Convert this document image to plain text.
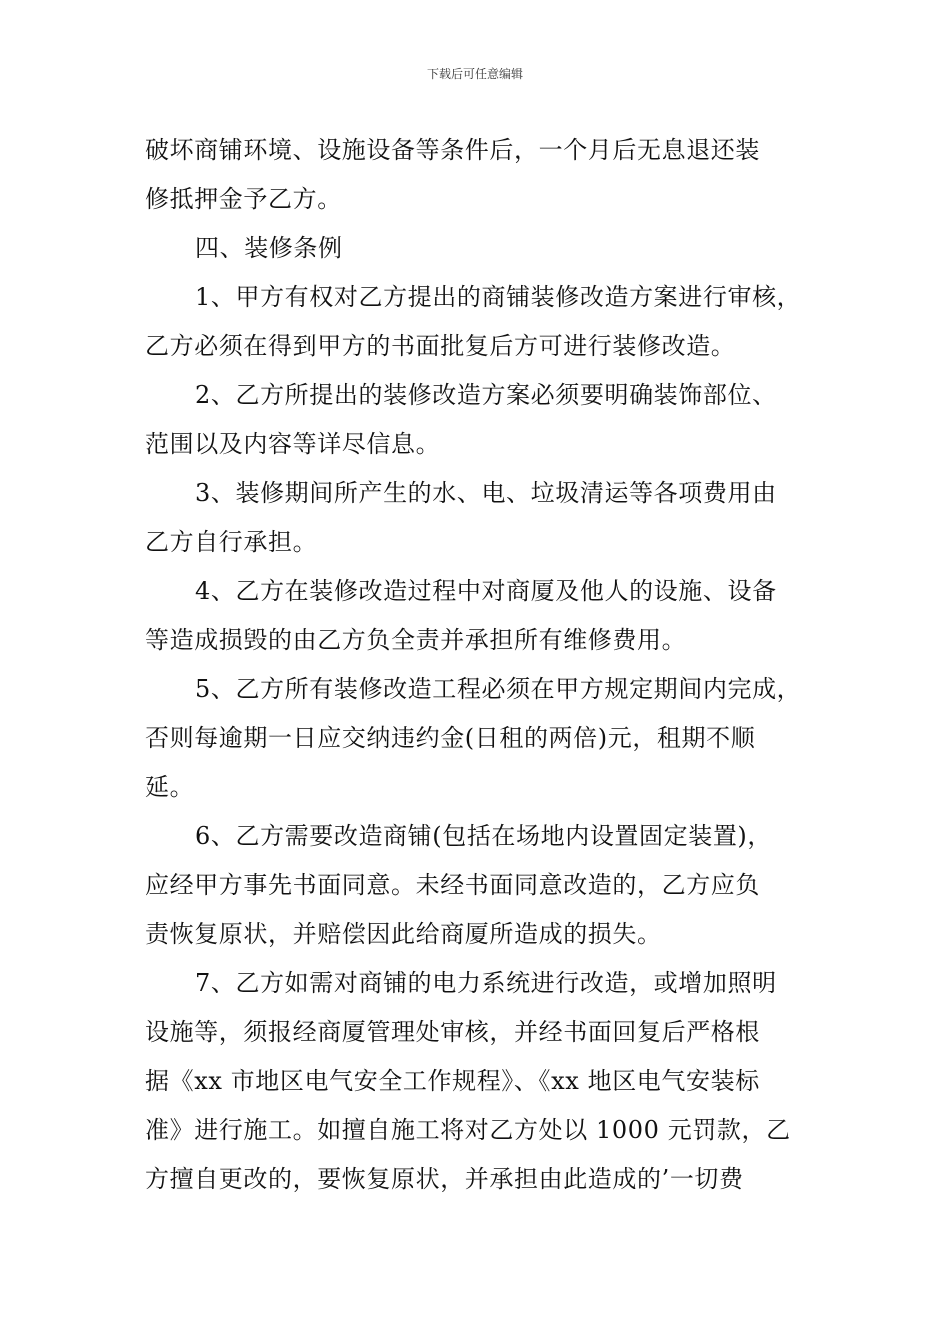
下载后可任意编辑
破坏商铺环境、设施设备等条件后，一个月后无息退还装
修抵押金予乙方。
四、装修条例
1、甲方有权对乙方提出的商铺装修改造方案进行审核，
乙方必须在得到甲方的书面批复后方可进行装修改造。
2、乙方所提出的装修改造方案必须要明确装饰部位、
范围以及内容等详尽信息。
3、装修期间所产生的水、电、垃圾清运等各项费用由
乙方自行承担。
4、乙方在装修改造过程中对商厦及他人的设施、设备
等造成损毁的由乙方负全责并承担所有维修费用。
5、乙方所有装修改造工程必须在甲方规定期间内完成，
否则每逾期一日应交纳违约金(日租的两倍)元，租期不顺
延。
6、乙方需要改造商铺(包括在场地内设置固定装置)，
应经甲方事先书面同意。未经书面同意改造的，乙方应负
责恢复原状，并赔偿因此给商厦所造成的损失。
7、乙方如需对商铺的电力系统进行改造，或增加照明
设施等，须报经商厦管理处审核，并经书面回复后严格根
据《xx 市地区电气安全工作规程》、《xx 地区电气安装标
准》进行施工。如擅自施工将对乙方处以 1000 元罚款，乙
方擅自更改的，要恢复原状，并承担由此造成的’一切费
